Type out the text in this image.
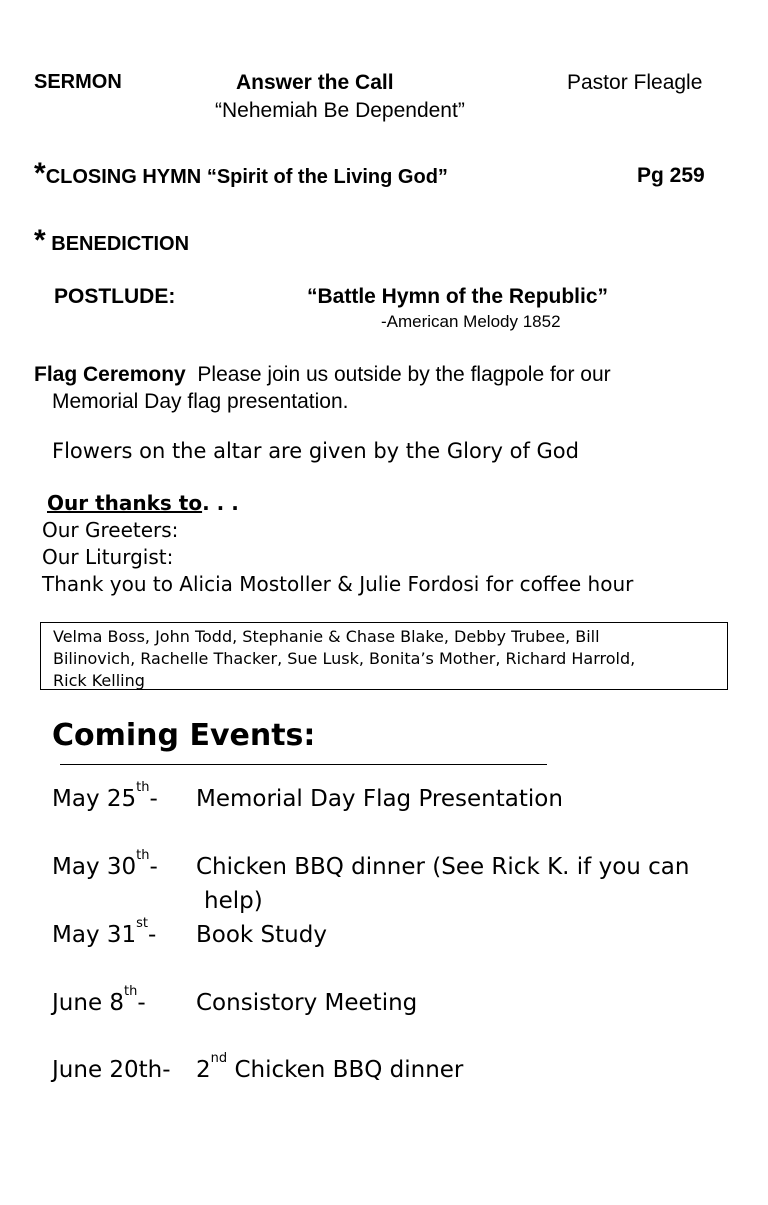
SERMON	Answer the Call	Pastor Fleagle
“Nehemiah Be Dependent”
*CLOSING HYMN “Spirit of the Living God”	Pg 259
* BENEDICTION
POSTLUDE:	“Battle Hymn of the Republic”
-American Melody 1852
Flag Ceremony Please join us outside by the flagpole for our
Memorial Day flag presentation.
Flowers on the altar are given by the Glory of God
Our thanks to. . .
Our Greeters:
Our Liturgist:
Thank you to Alicia Mostoller & Julie Fordosi for coffee hour
Velma Boss, John Todd, Stephanie & Chase Blake, Debby Trubee, Bill
Bilinovich, Rachelle Thacker, Sue Lusk, Bonita’s Mother, Richard Harrold,
Rick Kelling
Coming Events:
May 25th- Memorial Day Flag Presentation
May 30th- Chicken BBQ dinner (See Rick K. if you can
help)
May 31st- Book Study
June 8th- Consistory Meeting
June 20th- 2nd Chicken BBQ dinner
